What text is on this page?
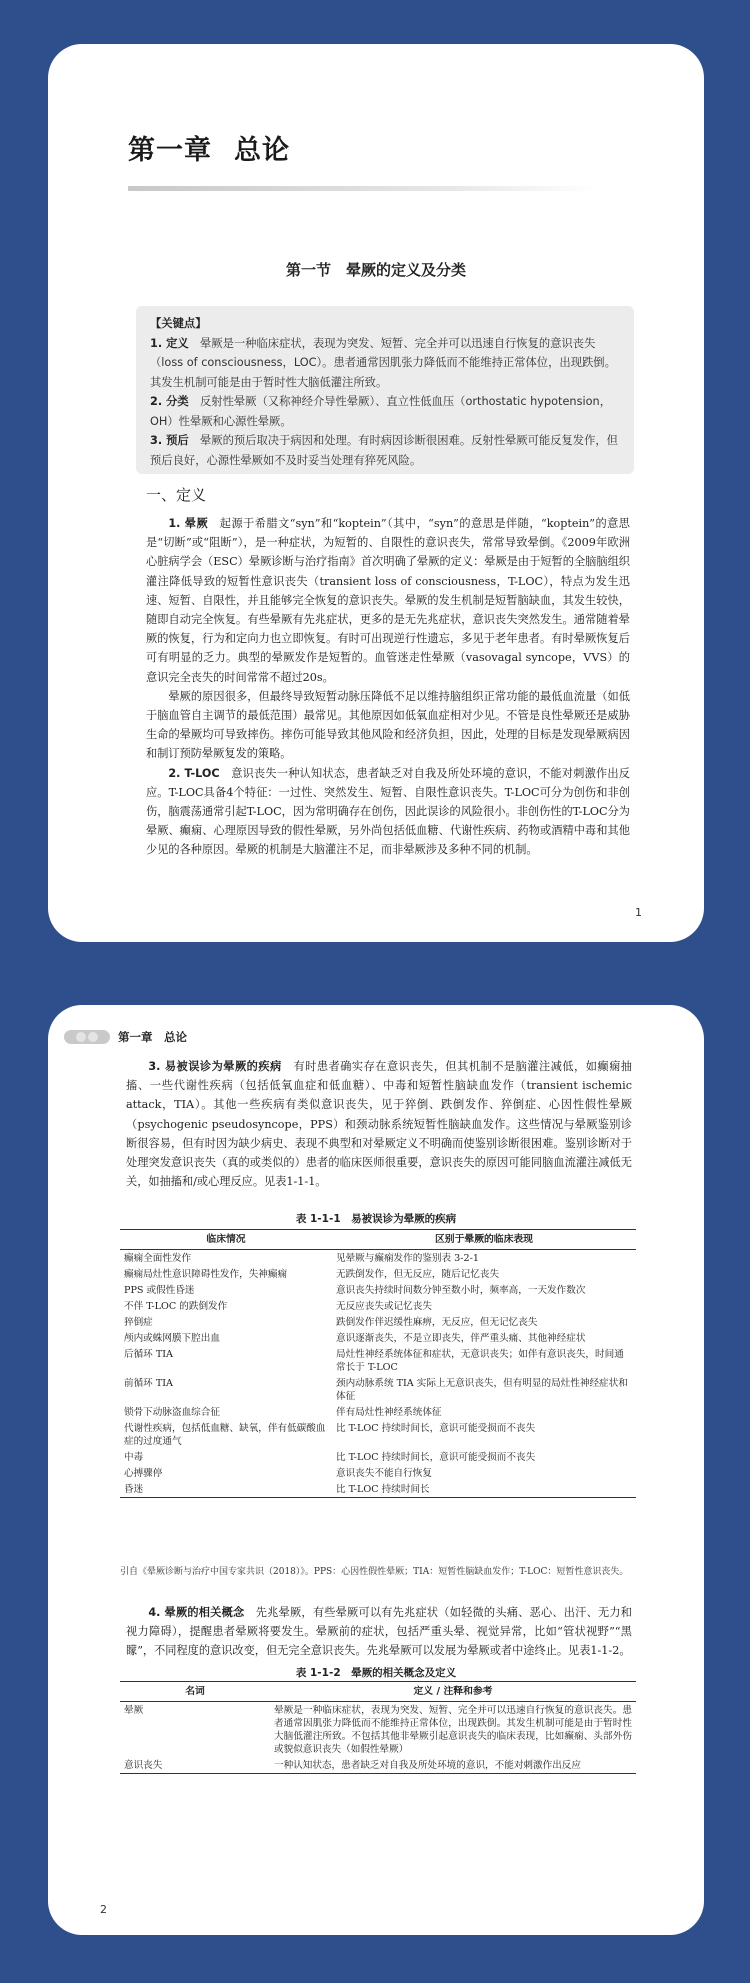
第一章 总论
第一节　晕厥的定义及分类
【关键点】
1. 定义　晕厥是一种临床症状，表现为突发、短暂、完全并可以迅速自行恢复的意识丧失（loss of consciousness，LOC）。患者通常因肌张力降低而不能维持正常体位，出现跌倒。其发生机制可能是由于暂时性大脑低灌注所致。
2. 分类　反射性晕厥（又称神经介导性晕厥）、直立性低血压（orthostatic hypotension，OH）性晕厥和心源性晕厥。
3. 预后　晕厥的预后取决于病因和处理。有时病因诊断很困难。反射性晕厥可能反复发作，但预后良好，心源性晕厥如不及时妥当处理有猝死风险。
一、定义

1. 晕厥　起源于希腊文“syn”和“koptein”（其中，“syn”的意思是伴随，“koptein”的意思是“切断”或“阻断”），是一种症状，为短暂的、自限性的意识丧失，常常导致晕倒。《2009年欧洲心脏病学会（ESC）晕厥诊断与治疗指南》首次明确了晕厥的定义：晕厥是由于短暂的全脑脑组织灌注降低导致的短暂性意识丧失（transient loss of consciousness，T-LOC），特点为发生迅速、短暂、自限性，并且能够完全恢复的意识丧失。晕厥的发生机制是短暂脑缺血，其发生较快，随即自动完全恢复。有些晕厥有先兆症状，更多的是无先兆症状，意识丧失突然发生。通常随着晕厥的恢复，行为和定向力也立即恢复。有时可出现逆行性遗忘，多见于老年患者。有时晕厥恢复后可有明显的乏力。典型的晕厥发作是短暂的。血管迷走性晕厥（vasovagal syncope，VVS）的意识完全丧失的时间常常不超过20s。

晕厥的原因很多，但最终导致短暂动脉压降低不足以维持脑组织正常功能的最低血流量（如低于脑血管自主调节的最低范围）最常见。其他原因如低氧血症相对少见。不管是良性晕厥还是威胁生命的晕厥均可导致摔伤。摔伤可能导致其他风险和经济负担，因此，处理的目标是发现晕厥病因和制订预防晕厥复发的策略。

2. T-LOC　意识丧失一种认知状态，患者缺乏对自我及所处环境的意识，不能对刺激作出反应。T-LOC具备4个特征：一过性、突然发生、短暂、自限性意识丧失。T-LOC可分为创伤和非创伤，脑震荡通常引起T-LOC，因为常明确存在创伤，因此误诊的风险很小。非创伤性的T-LOC分为晕厥、癫痫、心理原因导致的假性晕厥，另外尚包括低血糖、代谢性疾病、药物或酒精中毒和其他少见的各种原因。晕厥的机制是大脑灌注不足，而非晕厥涉及多种不同的机制。

1
第一章　总论

3. 易被误诊为晕厥的疾病　有时患者确实存在意识丧失，但其机制不是脑灌注减低，如癫痫抽搐、一些代谢性疾病（包括低氧血症和低血糖）、中毒和短暂性脑缺血发作（transient ischemic attack，TIA）。其他一些疾病有类似意识丧失，见于猝倒、跌倒发作、猝倒症、心因性假性晕厥（psychogenic pseudosyncope，PPS）和颈动脉系统短暂性脑缺血发作。这些情况与晕厥鉴别诊断很容易，但有时因为缺少病史、表现不典型和对晕厥定义不明确而使鉴别诊断很困难。鉴别诊断对于处理突发意识丧失（真的或类似的）患者的临床医师很重要，意识丧失的原因可能同脑血流灌注减低无关，如抽搐和/或心理反应。见表1-1-1。

表 1-1-1　易被误诊为晕厥的疾病
临床情况	区别于晕厥的临床表现
癫痫全面性发作	见晕厥与癫痫发作的鉴别表 3-2-1
癫痫局灶性意识障碍性发作，失神癫痫	无跌倒发作，但无反应，随后记忆丧失
PPS 或假性昏迷	意识丧失持续时间数分钟至数小时，频率高，一天发作数次
不伴 T-LOC 的跌倒发作	无反应丧失或记忆丧失
猝倒症	跌倒发作伴迟缓性麻痹，无反应，但无记忆丧失
颅内或蛛网膜下腔出血	意识逐渐丧失，不是立即丧失，伴严重头痛、其他神经症状
后循环 TIA	局灶性神经系统体征和症状，无意识丧失；如伴有意识丧失，时间通常长于 T-LOC
前循环 TIA	颈内动脉系统 TIA 实际上无意识丧失，但有明显的局灶性神经症状和体征
锁骨下动脉盗血综合征	伴有局灶性神经系统体征
代谢性疾病，包括低血糖、缺氧，伴有低碳酸血症的过度通气	比 T-LOC 持续时间长，意识可能受损而不丧失
中毒	比 T-LOC 持续时间长，意识可能受损而不丧失
心搏骤停	意识丧失不能自行恢复
昏迷	比 T-LOC 持续时间长
引自《晕厥诊断与治疗中国专家共识（2018）》。PPS：心因性假性晕厥；TIA：短暂性脑缺血发作；T-LOC：短暂性意识丧失。

4. 晕厥的相关概念　先兆晕厥，有些晕厥可以有先兆症状（如轻微的头痛、恶心、出汗、无力和视力障碍），提醒患者晕厥将要发生。晕厥前的症状，包括严重头晕、视觉异常，比如“管状视野”“黑矇”，不同程度的意识改变，但无完全意识丧失。先兆晕厥可以发展为晕厥或者中途终止。见表1-1-2。

表 1-1-2　晕厥的相关概念及定义
名词	定义 / 注释和参考
晕厥	晕厥是一种临床症状，表现为突发、短暂、完全并可以迅速自行恢复的意识丧失。患者通常因肌张力降低而不能维持正常体位，出现跌倒。其发生机制可能是由于暂时性大脑低灌注所致。不包括其他非晕厥引起意识丧失的临床表现，比如癫痫、头部外伤或貌似意识丧失（如假性晕厥）
意识丧失	一种认知状态，患者缺乏对自我及所处环境的意识，不能对刺激作出反应
2
